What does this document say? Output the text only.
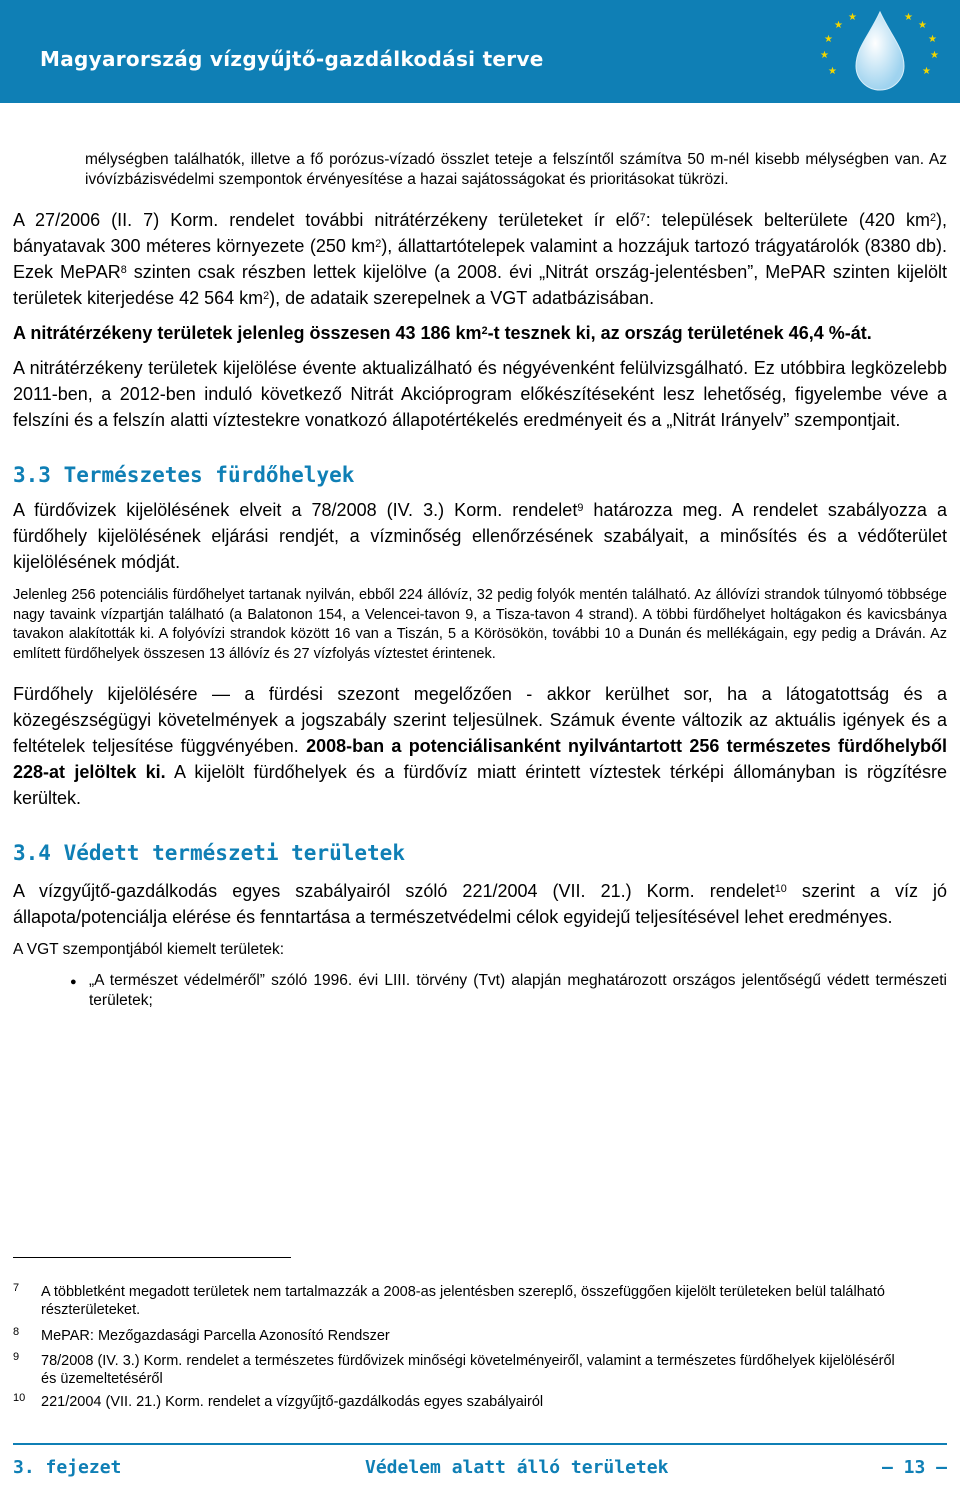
Magyarország vízgyűjtő-gazdálkodási terve
★
★
★	★
★
★
★
★
★
★

mélységben találhatók, illetve a fő porózus-vízadó összlet teteje a felszíntől számítva 50 m-nél kisebb mélységben van. Az ivóvízbázisvédelmi szempontok érvényesítése a hazai sajátosságokat és prioritásokat tükrözi.

A 27/2006 (II. 7) Korm. rendelet további nitrátérzékeny területeket ír elő$^7$: települések belterülete (420 $km^2$), bányatavak 300 méteres környezete (250 $km^2$), állattartótelepek valamint a hozzájuk tartozó trágyatárolók (8380 db). Ezek MePAR$^8$ szinten csak részben lettek kijelölve (a 2008. évi „Nitrát ország-jelentésben”, MePAR szinten kijelölt területek kiterjedése 42 564 $km^2$), de adataik szerepelnek a VGT adatbázisában.

A nitrátérzékeny területek jelenleg összesen 43 186 $km^2-t$ tesznek ki, az ország területének 46,4 %-át.

A nitrátérzékeny területek kijelölése évente aktualizálható és négyévenként felülvizsgálható. Ez utóbbira legközelebb 2011-ben, a 2012-ben induló következő Nitrát Akcióprogram előkészítéseként lesz lehetőség, figyelembe véve a felszíni és a felszín alatti víztestekre vonatkozó állapotértékelés eredményeit és a „Nitrát Irányelv” szempontjait.

3.3 Természetes fürdőhelyek

A fürdővizek kijelölésének elveit a 78/2008 (IV. 3.) Korm. rendelet$^9$ határozza meg. A rendelet szabályozza a fürdőhely kijelölésének eljárási rendjét, a vízminőség ellenőrzésének szabályait, a minősítés és a védőterület kijelölésének módját.

Jelenleg 256 potenciális fürdőhelyet tartanak nyilván, ebből 224 állóvíz, 32 pedig folyók mentén található. Az állóvízi strandok túlnyomó többsége nagy tavaink vízpartján található (a Balatonon 154, a Velencei-tavon 9, a Tisza-tavon 4 strand). A többi fürdőhelyet holtágakon és kavicsbánya tavakon alakították ki. A folyóvízi strandok között 16 van a Tiszán, 5 a Körösökön, további 10 a Dunán és mellékágain, egy pedig a Dráván. Az említett fürdőhelyek összesen 13 állóvíz és 27 vízfolyás víztestet érintenek.

Fürdőhely kijelölésére — a fürdési szezont megelőzően - akkor kerülhet sor, ha a látogatottság és a közegészségügyi követelmények a jogszabály szerint teljesülnek. Számuk évente változik az aktuális igények és a feltételek teljesítése függvényében. 2008-ban a potenciálisanként nyilvántartott 256 természetes fürdőhelyből 228-at jelöltek ki. A kijelölt fürdőhelyek és a fürdővíz miatt érintett víztestek térképi állományban is rögzítésre kerültek.

3.4 Védett természeti területek

A vízgyűjtő-gazdálkodás egyes szabályairól szóló 221/2004 (VII. 21.) Korm. rendelet$^{10}$ szerint a víz jó állapota/potenciálja elérése és fenntartása a természetvédelmi célok egyidejű teljesítésével lehet eredményes.

A VGT szempontjából kiemelt területek:

● „A természet védelméről” szóló 1996. évi LIII. törvény (Tvt) alapján meghatározott országos jelentőségű védett természeti területek;

7 A többletként megadott területek nem tartalmazzák a 2008-as jelentésben szereplő, összefüggően kijelölt területeken belül található részterületeket.
8 MePAR: Mezőgazdasági Parcella Azonosító Rendszer
9 78/2008 (IV. 3.) Korm. rendelet a természetes fürdővizek minőségi követelményeiről, valamint a természetes fürdőhelyek kijelöléséről és üzemeltetéséről
10 221/2004 (VII. 21.) Korm. rendelet a vízgyűjtő-gazdálkodás egyes szabályairól
3. fejezet	Védelem alatt álló területek	— 13 —
